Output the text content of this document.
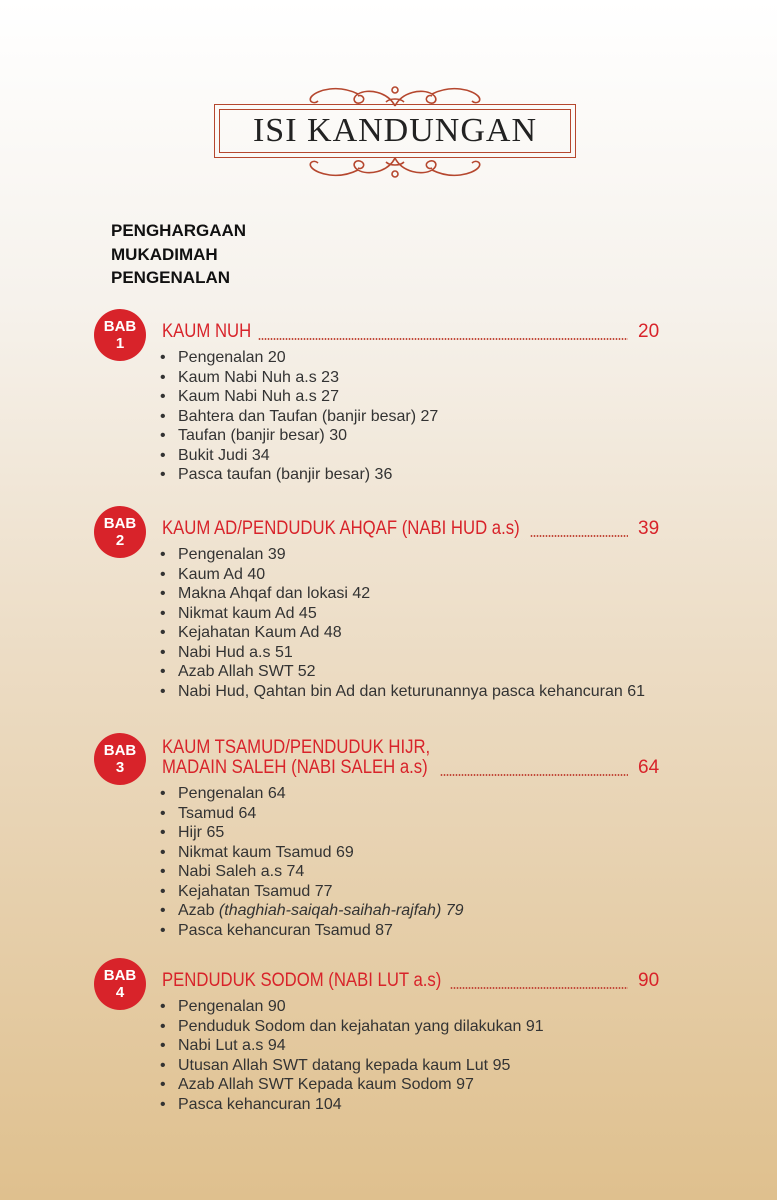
ISI KANDUNGAN
PENGHARGAAN
MUKADIMAH
PENGENALAN
BAB
1
KAUM NUH	20
• Pengenalan 20
• Kaum Nabi Nuh a.s 23
• Kaum Nabi Nuh a.s 27
• Bahtera dan Taufan (banjir besar) 27
• Taufan (banjir besar) 30
• Bukit Judi 34
• Pasca taufan (banjir besar) 36
BAB
2
KAUM AD/PENDUDUK AHQAF (NABI HUD a.s)	39
• Pengenalan 39
• Kaum Ad 40
• Makna Ahqaf dan lokasi 42
• Nikmat kaum Ad 45
• Kejahatan Kaum Ad 48
• Nabi Hud a.s 51
• Azab Allah SWT 52
• Nabi Hud, Qahtan bin Ad dan keturunannya pasca kehancuran 61
BAB
3
KAUM TSAMUD/PENDUDUK HIJR,
MADAIN SALEH (NABI SALEH a.s)	64
• Pengenalan 64
• Tsamud 64
• Hijr 65
• Nikmat kaum Tsamud 69
• Nabi Saleh a.s 74
• Kejahatan Tsamud 77
• Azab (thaghiah-saiqah-saihah-rajfah) 79
• Pasca kehancuran Tsamud 87
BAB
4
PENDUDUK SODOM (NABI LUT a.s)	90
• Pengenalan 90
• Penduduk Sodom dan kejahatan yang dilakukan 91
• Nabi Lut a.s 94
• Utusan Allah SWT datang kepada kaum Lut 95
• Azab Allah SWT Kepada kaum Sodom 97
• Pasca kehancuran 104
